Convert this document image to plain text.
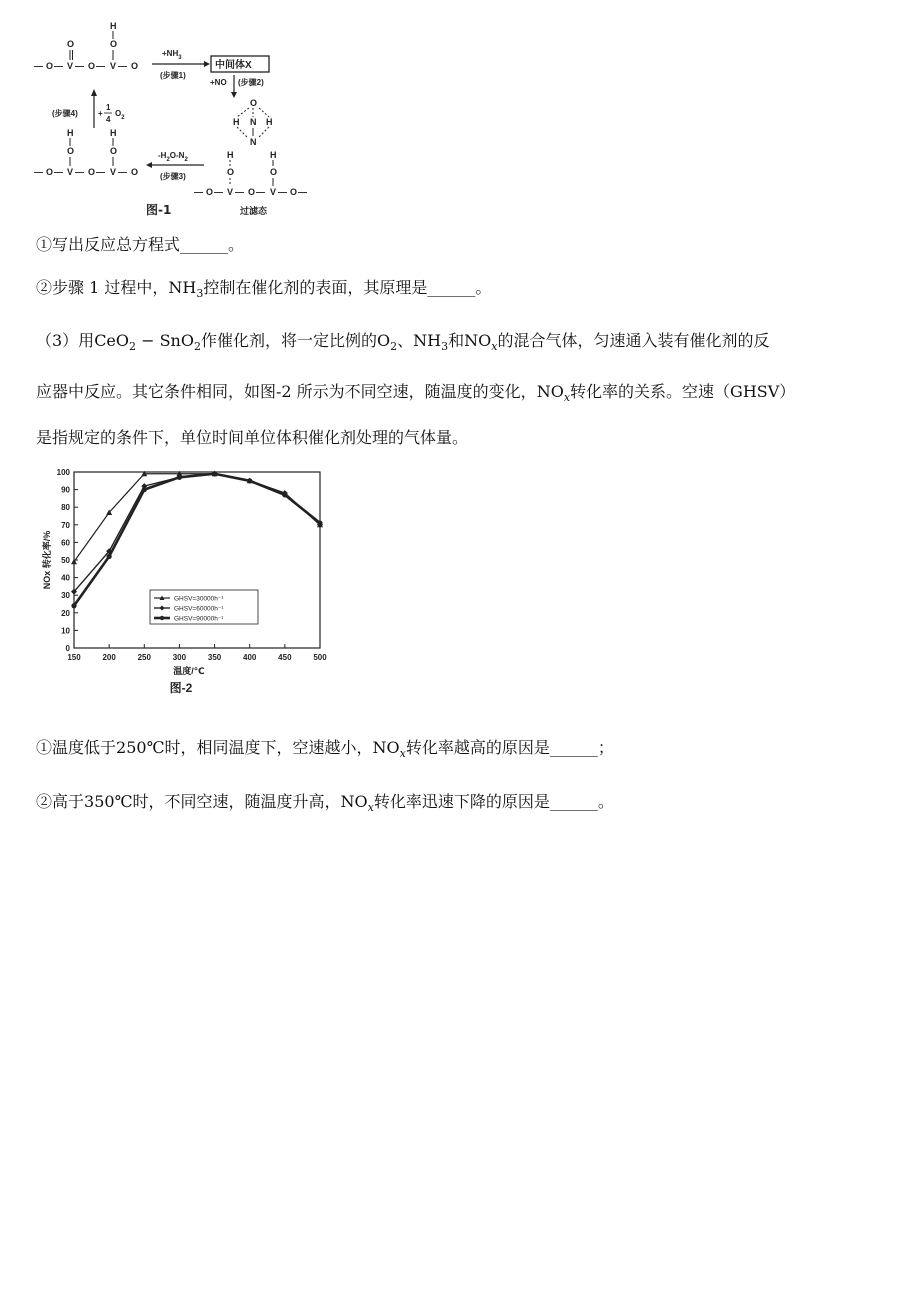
— O — V — O — V — O
O
H
O
$+NH_3$
(步骤1)
中间体X
+NO (步骤2)
O
H N H
N
H	H
O	O
— O — V — O — V — O —
过滤态
$-H_2O-N_2$
(步骤3)
H
O
H
O
— O — V — O — V — O
(步骤4)	+
1
4
$O_2$
图-1
①写出反应总方程式______。
②步骤 1 过程中，$NH_3$控制在催化剂的表面，其原理是______。
（3）用CeO$_2$ − SnO$_2$作催化剂，将一定比例的$O_2$、$NH_3$和$NO_x$的混合气体，匀速通入装有催化剂的反
应器中反应。其它条件相同，如图-2 所示为不同空速，随温度的变化，$NO_x$转化率的关系。空速（GHSV）
是指规定的条件下，单位时间单位体积催化剂处理的气体量。
0
10
20
30
40
50
60
70
80
90
100
150	200	250	300	350	400	450	500
温度/℃
NOx 转化率/%
图-2
GHSV=30000h⁻¹
GHSV=60000h⁻¹
GHSV=90000h⁻¹
①温度低于250℃时，相同温度下，空速越小，$NO_x$转化率越高的原因是______；
②高于350℃时，不同空速，随温度升高，$NO_x$转化率迅速下降的原因是______。
